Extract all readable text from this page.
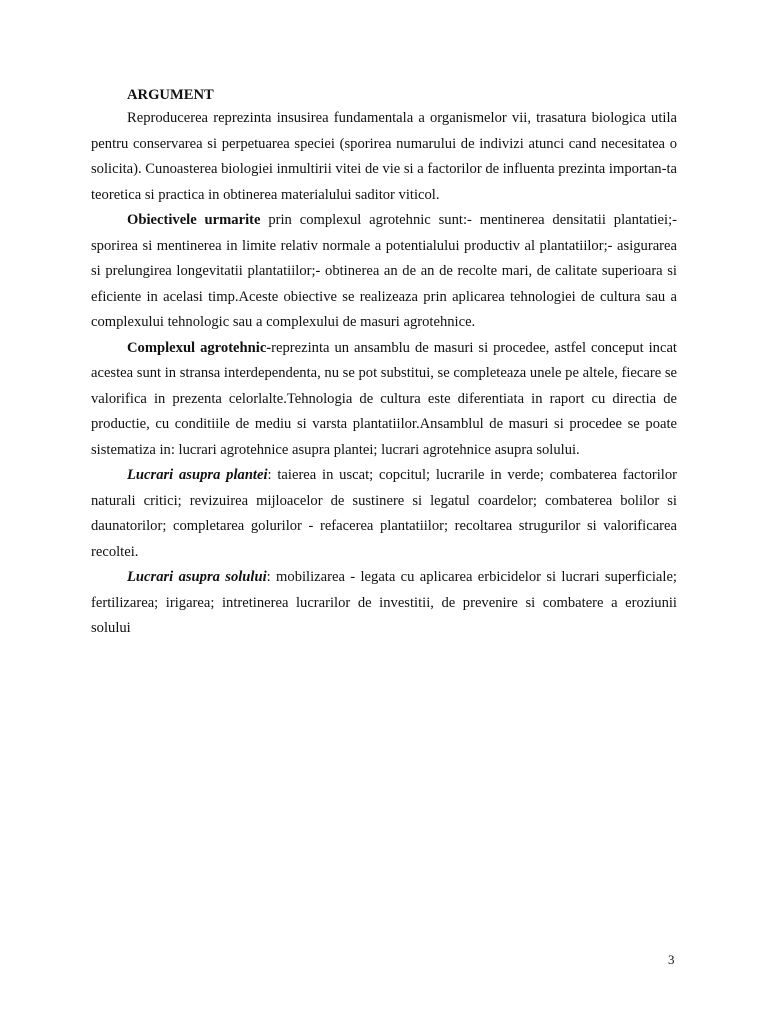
ARGUMENT

Reproducerea reprezinta insusirea fundamentala a organismelor vii, trasatura biologica utila pentru conservarea si perpetuarea speciei (sporirea numarului de indivizi atunci cand necesitatea o solicita). Cunoasterea biologiei inmultirii vitei de vie si a factorilor de influenta prezinta importan-ta teoretica si practica in obtinerea materialului saditor viticol.

Obiectivele urmarite prin complexul agrotehnic sunt:- mentinerea densitatii plantatiei;- sporirea si mentinerea in limite relativ normale a potentialului productiv al plantatiilor;- asigurarea si prelungirea longevitatii plantatiilor;- obtinerea an de an de recolte mari, de calitate superioara si eficiente in acelasi timp.Aceste obiective se realizeaza prin aplicarea tehnologiei de cultura sau a complexului tehnologic sau a complexului de masuri agrotehnice.

Complexul agrotehnic-reprezinta un ansamblu de masuri si procedee, astfel conceput incat acestea sunt in stransa interdependenta, nu se pot substitui, se completeaza unele pe altele, fiecare se valorifica in prezenta celorlalte.Tehnologia de cultura este diferentiata in raport cu directia de productie, cu conditiile de mediu si varsta plantatiilor.Ansamblul de masuri si procedee se poate sistematiza in: lucrari agrotehnice asupra plantei; lucrari agrotehnice asupra solului.

Lucrari asupra plantei: taierea in uscat; copcitul; lucrarile in verde; combaterea factorilor naturali critici; revizuirea mijloacelor de sustinere si legatul coardelor; combaterea bolilor si daunatorilor; completarea golurilor - refacerea plantatiilor; recoltarea strugurilor si valorificarea recoltei.

Lucrari asupra solului: mobilizarea - legata cu aplicarea erbicidelor si lucrari superficiale; fertilizarea; irigarea; intretinerea lucrarilor de investitii, de prevenire si combatere a eroziunii solului

3
